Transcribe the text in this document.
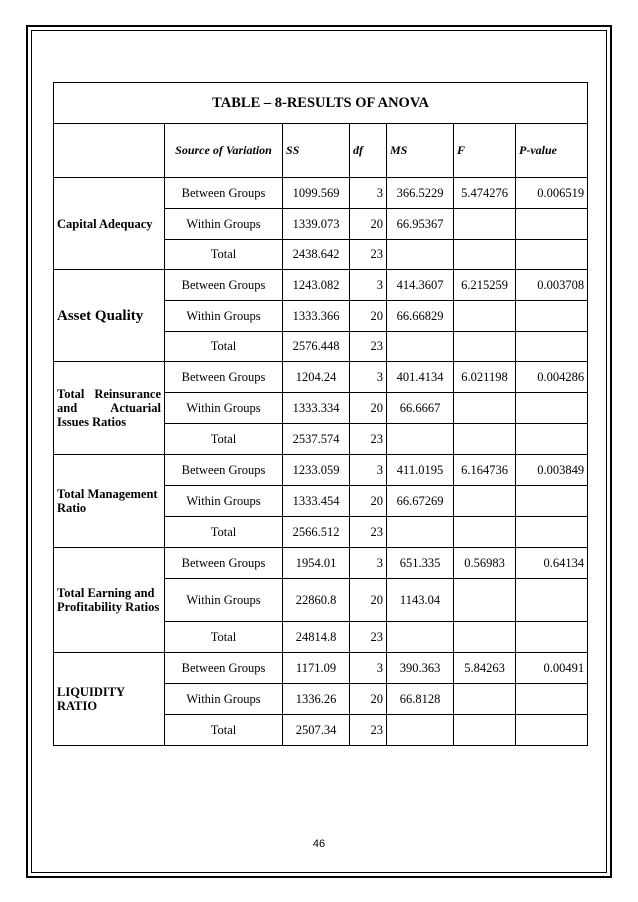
TABLE – 8-RESULTS OF ANOVA						
	Source of Variation	SS	df	MS	F	P-value
Capital Adequacy	Between Groups	1099.569	3	366.5229	5.474276	0.006519
	Within Groups	1339.073	20	66.95367		
	Total	2438.642	23			
Asset Quality	Between Groups	1243.082	3	414.3607	6.215259	0.003708
	Within Groups	1333.366	20	66.66829		
	Total	2576.448	23			
Total Reinsurance and Actuarial Issues Ratios	Between Groups	1204.24	3	401.4134	6.021198	0.004286
	Within Groups	1333.334	20	66.6667		
	Total	2537.574	23			
Total Management Ratio	Between Groups	1233.059	3	411.0195	6.164736	0.003849
	Within Groups	1333.454	20	66.67269		
	Total	2566.512	23			
Total Earning and Profitability Ratios	Between Groups	1954.01	3	651.335	0.56983	0.64134
	Within Groups	22860.8	20	1143.04		
	Total	24814.8	23			
LIQUIDITY RATIO	Between Groups	1171.09	3	390.363	5.84263	0.00491
	Within Groups	1336.26	20	66.8128		
	Total	2507.34	23			
46
